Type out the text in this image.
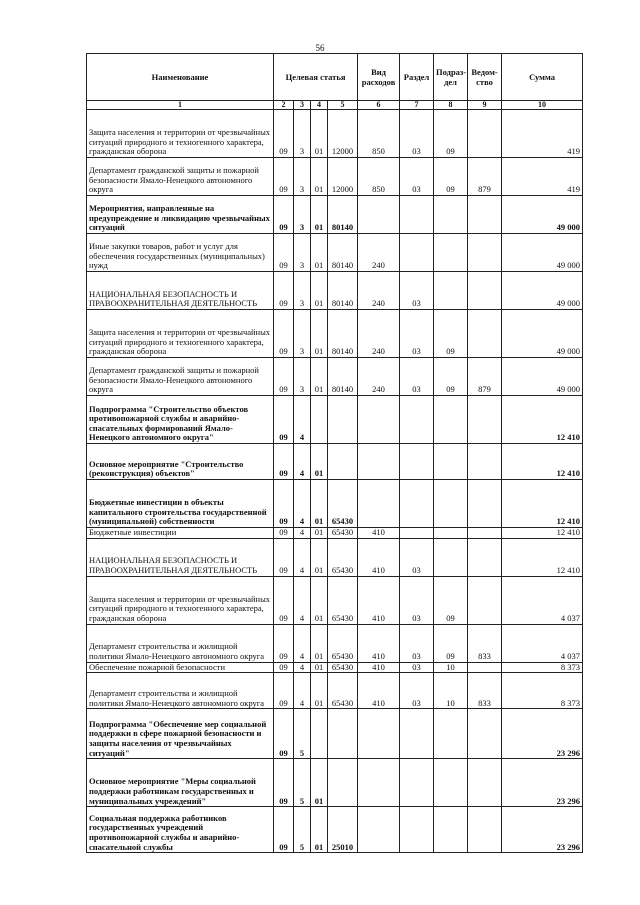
56
Наименование	Целевая статья				Вид расходов	Раздел	Подраз-дел	Ведом-ство	Сумма
1	2	3	4	5	6	7	8	9	10
Защита населения и территории от чрезвычайных ситуаций природного и техногенного характера, гражданская оборона	09	3	01	12000	850	03	09		419
Департамент гражданской защиты и пожарной безопасности Ямало-Ненецкого автономного округа	09	3	01	12000	850	03	09	879	419
Мероприятия, направленные на предупреждение и ликвидацию чрезвычайных ситуаций	09	3	01	80140					49 000
Иные закупки товаров, работ и услуг для обеспечения государственных (муниципальных) нужд	09	3	01	80140	240				49 000
НАЦИОНАЛЬНАЯ БЕЗОПАСНОСТЬ И ПРАВООХРАНИТЕЛЬНАЯ ДЕЯТЕЛЬНОСТЬ	09	3	01	80140	240	03			49 000
Защита населения и территории от чрезвычайных ситуаций природного и техногенного характера, гражданская оборона	09	3	01	80140	240	03	09		49 000
Департамент гражданской защиты и пожарной безопасности Ямало-Ненецкого автономного округа	09	3	01	80140	240	03	09	879	49 000
Подпрограмма "Строительство объектов противопожарной службы и аварийно-спасательных формирований Ямало-Ненецкого автономного округа"	09	4							12 410
Основное мероприятие "Строительство (реконструкция) объектов"	09	4	01						12 410
Бюджетные инвестиции в объекты капитального строительства государственной (муниципальной) собственности	09	4	01	65430					12 410
Бюджетные инвестиции	09	4	01	65430	410				12 410
НАЦИОНАЛЬНАЯ БЕЗОПАСНОСТЬ И ПРАВООХРАНИТЕЛЬНАЯ ДЕЯТЕЛЬНОСТЬ	09	4	01	65430	410	03			12 410
Защита населения и территории от чрезвычайных ситуаций природного и техногенного характера, гражданская оборона	09	4	01	65430	410	03	09		4 037
Департамент строительства и жилищной политики Ямало-Ненецкого автономного округа	09	4	01	65430	410	03	09	833	4 037
Обеспечение пожарной безопасности	09	4	01	65430	410	03	10		8 373
Департамент строительства и жилищной политики Ямало-Ненецкого автономного округа	09	4	01	65430	410	03	10	833	8 373
Подпрограмма "Обеспечение мер социальной поддержки в сфере пожарной безопасности и защиты населения от чрезвычайных ситуаций"	09	5							23 296
Основное мероприятие "Меры социальной поддержки работникам государственных и муниципальных учреждений"	09	5	01						23 296
Социальная поддержка работников государственных учреждений противопожарной службы и аварийно-спасательной службы	09	5	01	25010					23 296
